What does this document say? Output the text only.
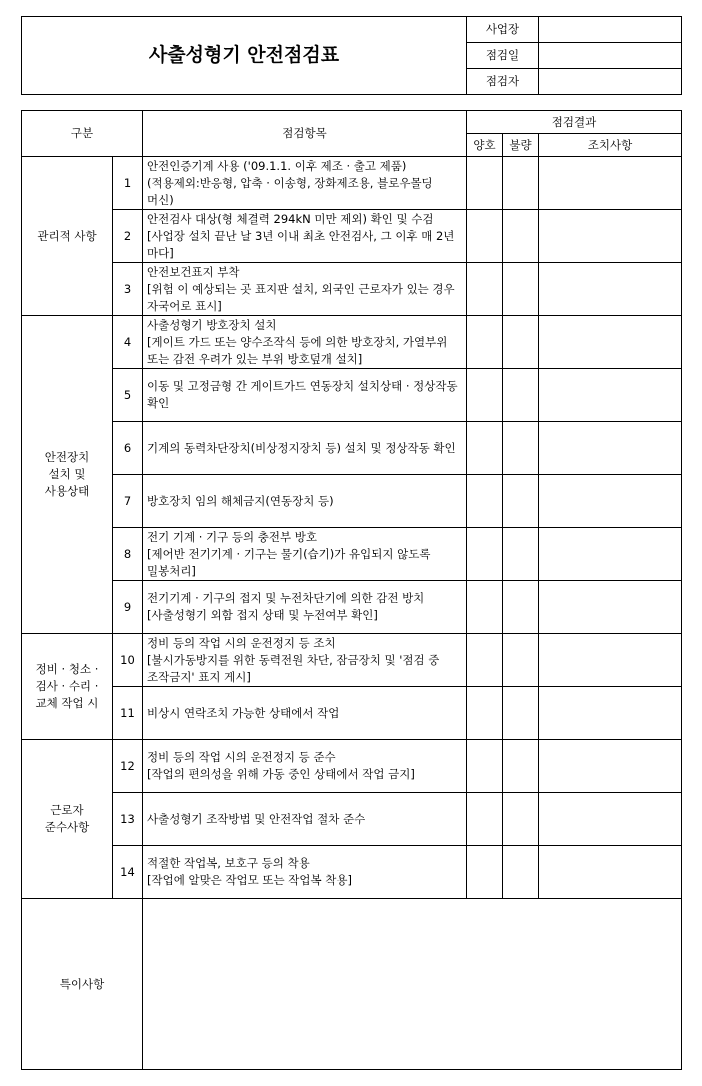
사출성형기 안전점검표	사업장	
	점검일	
	점검자	
구분		점검항목	점검결과		
			양호	불량	조치사항
관리적 사항	1	안전인증기계 사용 ('09.1.1. 이후 제조 · 출고 제품)
(적용제외:반응형, 압축 · 이송형, 장화제조용, 블로우몰딩 머신)			
	2	안전검사 대상(형 체결력 294kN 미만 제외) 확인 및 수검
[사업장 설치 끝난 날 3년 이내 최초 안전검사, 그 이후 매 2년 마다]			
	3	안전보건표지 부착
[위험 이 예상되는 곳 표지판 설치, 외국인 근로자가 있는 경우 자국어로 표시]			
안전장치
설치 및
사용상태	4	사출성형기 방호장치 설치
[게이트 가드 또는 양수조작식 등에 의한 방호장치, 가열부위 또는 감전 우려가 있는 부위 방호덮개 설치]			
	5	이동 및 고정금형 간 게이트가드 연동장치 설치상태 · 정상작동 확인			
	6	기계의 동력차단장치(비상정지장치 등) 설치 및 정상작동 확인			
	7	방호장치 임의 해체금지(연동장치 등)			
	8	전기 기계 · 기구 등의 충전부 방호
[제어반 전기기계 · 기구는 물기(습기)가 유입되지 않도록 밀봉처리]			
	9	전기기계 · 기구의 접지 및 누전차단기에 의한 감전 방치
[사출성형기 외함 접지 상태 및 누전여부 확인]			
정비 · 청소 ·
검사 · 수리 ·
교체 작업 시	10	정비 등의 작업 시의 운전정지 등 조치
[불시가동방지를 위한 동력전원 차단, 잠금장치 및 '점검 중 조작금지' 표지 게시]			
	11	비상시 연락조치 가능한 상태에서 작업			
근로자
준수사항	12	정비 등의 작업 시의 운전정지 등 준수
[작업의 편의성을 위해 가동 중인 상태에서 작업 금지]			
	13	사출성형기 조작방법 및 안전작업 절차 준수			
	14	적절한 작업복, 보호구 등의 착용
[작업에 알맞은 작업모 또는 작업복 착용]			
특이사항					
